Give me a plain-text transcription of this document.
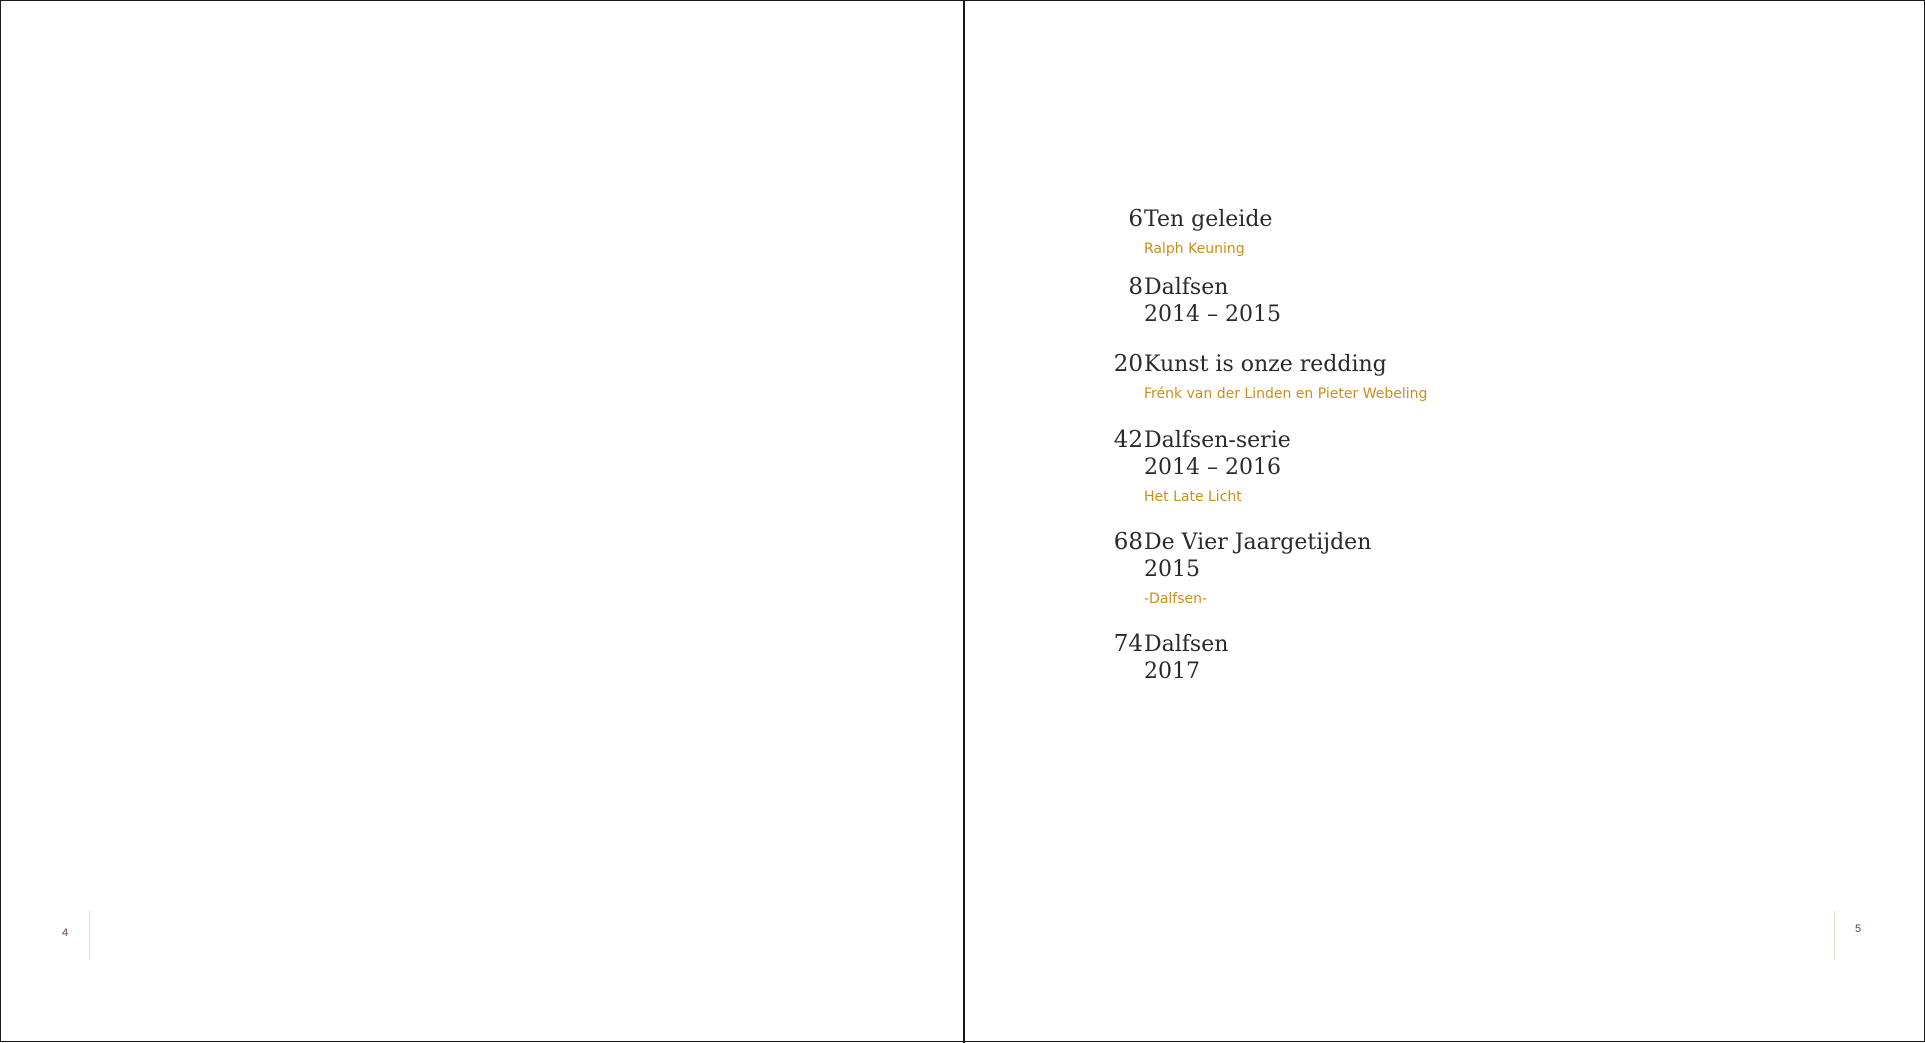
4	5
6 Ten geleide
Ralph Keuning
8 Dalfsen
2014 – 2015
20 Kunst is onze redding
Frénk van der Linden en Pieter Webeling
42 Dalfsen-serie
2014 – 2016
Het Late Licht
68 De Vier Jaargetijden
2015
-Dalfsen-
74 Dalfsen
2017
